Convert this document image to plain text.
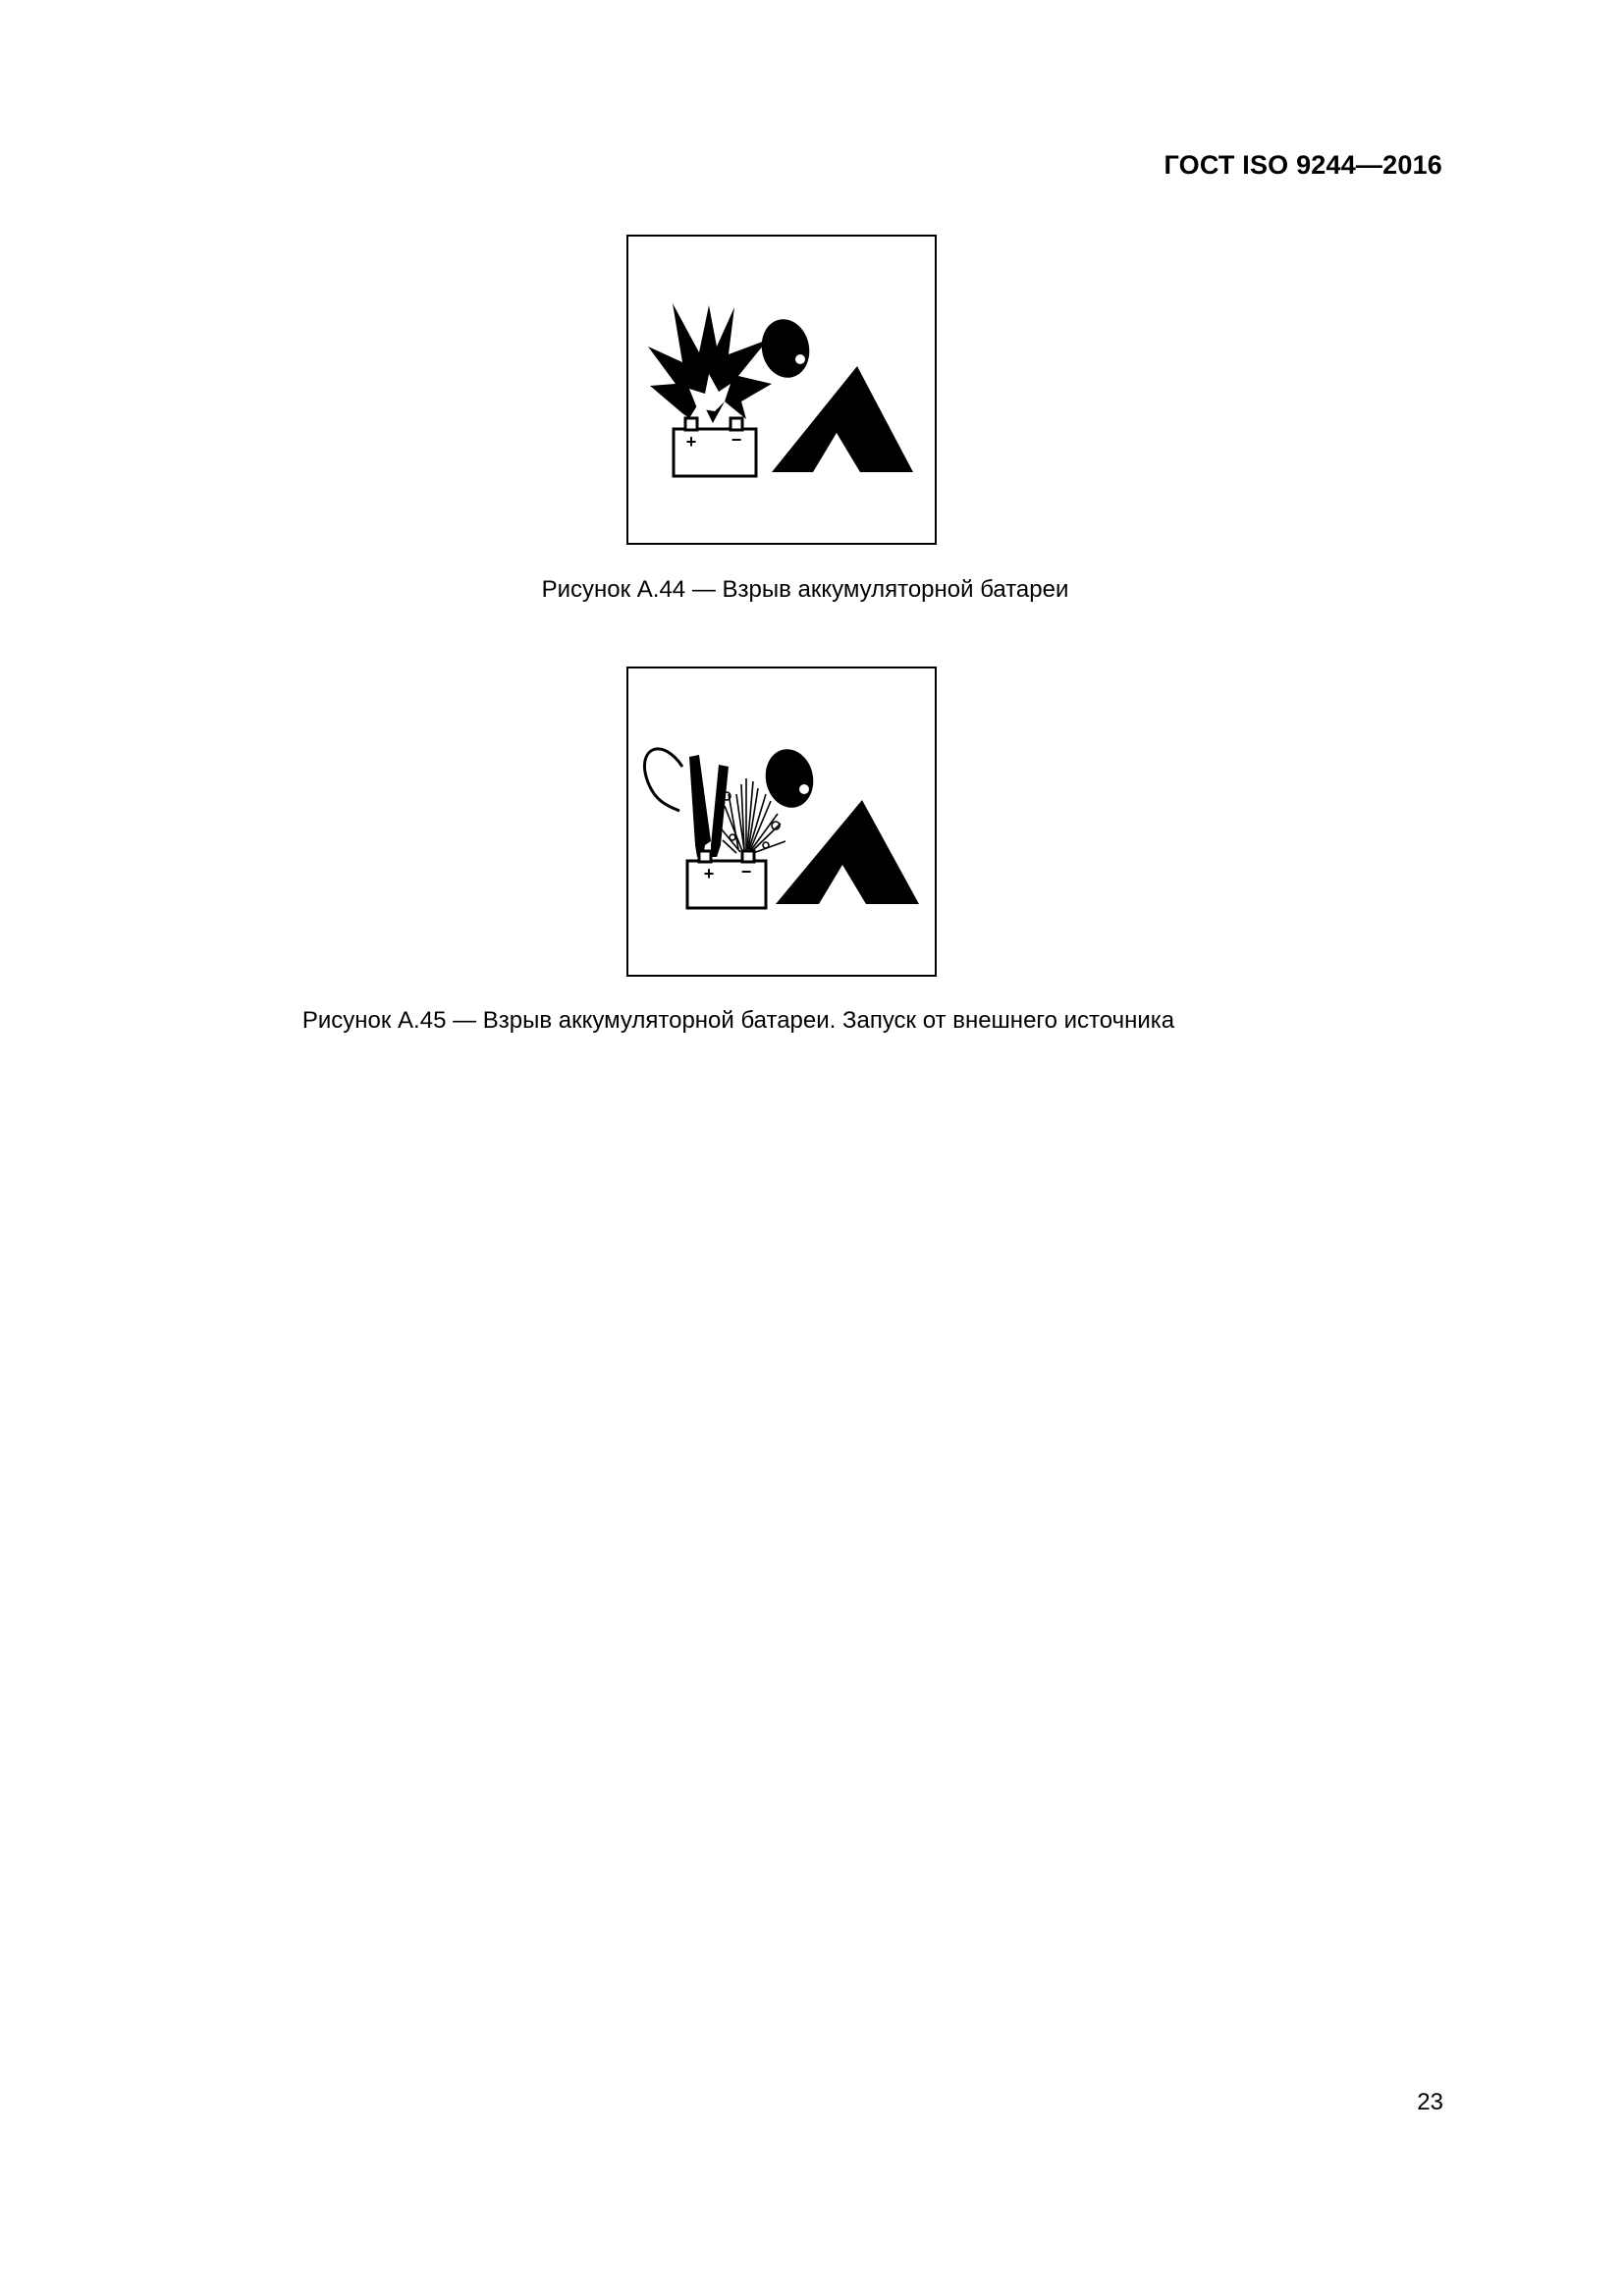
ГОСТ ISO 9244—2016
+ −
Рисунок A.44 — Взрыв аккумуляторной батареи
+ −
Рисунок A.45 — Взрыв аккумуляторной батареи. Запуск от внешнего источника
23
